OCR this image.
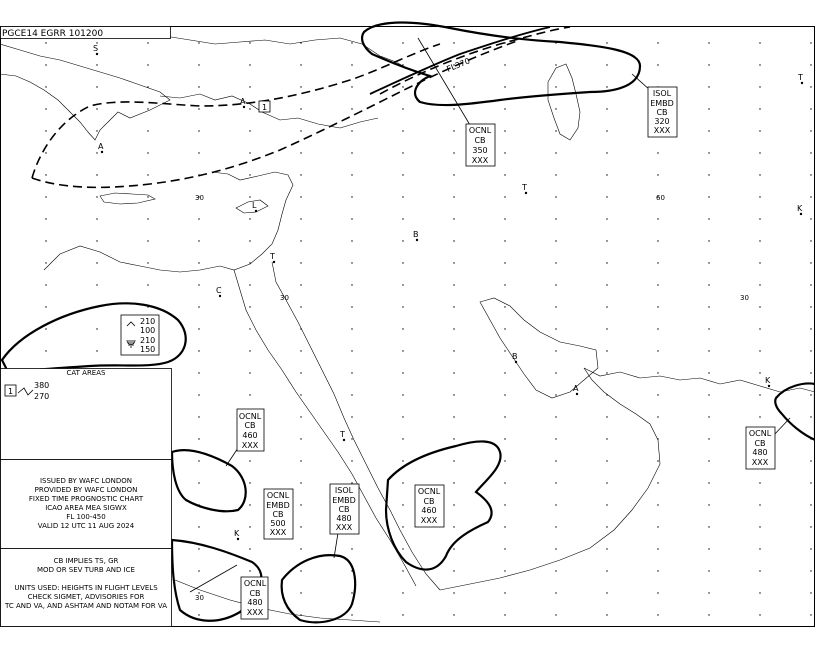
FL370
1
30
30	30
30
60
S
A
A
L
T
C
B
T
T
K
B
A
K
K
T
OCNL
CB
350
XXX
ISOL
EMBD
CB
320
XXX
OCNL
CB
460
XXX
OCNL
EMBD
CB
500
XXX
ISOL
EMBD
CB
480
XXX
OCNL
CB
460
XXX
OCNL
CB
480
XXX
OCNL
CB
480
XXX
210
100
210
150
PGCE14 EGRR 101200
CAT AREAS
1
380
270
ISSUED BY WAFC LONDON
PROVIDED BY WAFC LONDON
FIXED TIME PROGNOSTIC CHART
ICAO AREA MEA SIGWX
FL 100-450
VALID 12 UTC 11 AUG 2024
CB IMPLIES TS, GR
MOD OR SEV TURB AND ICE
UNITS USED: HEIGHTS IN FLIGHT LEVELS
CHECK SIGMET, ADVISORIES FOR
TC AND VA, AND ASHTAM AND NOTAM FOR VA
